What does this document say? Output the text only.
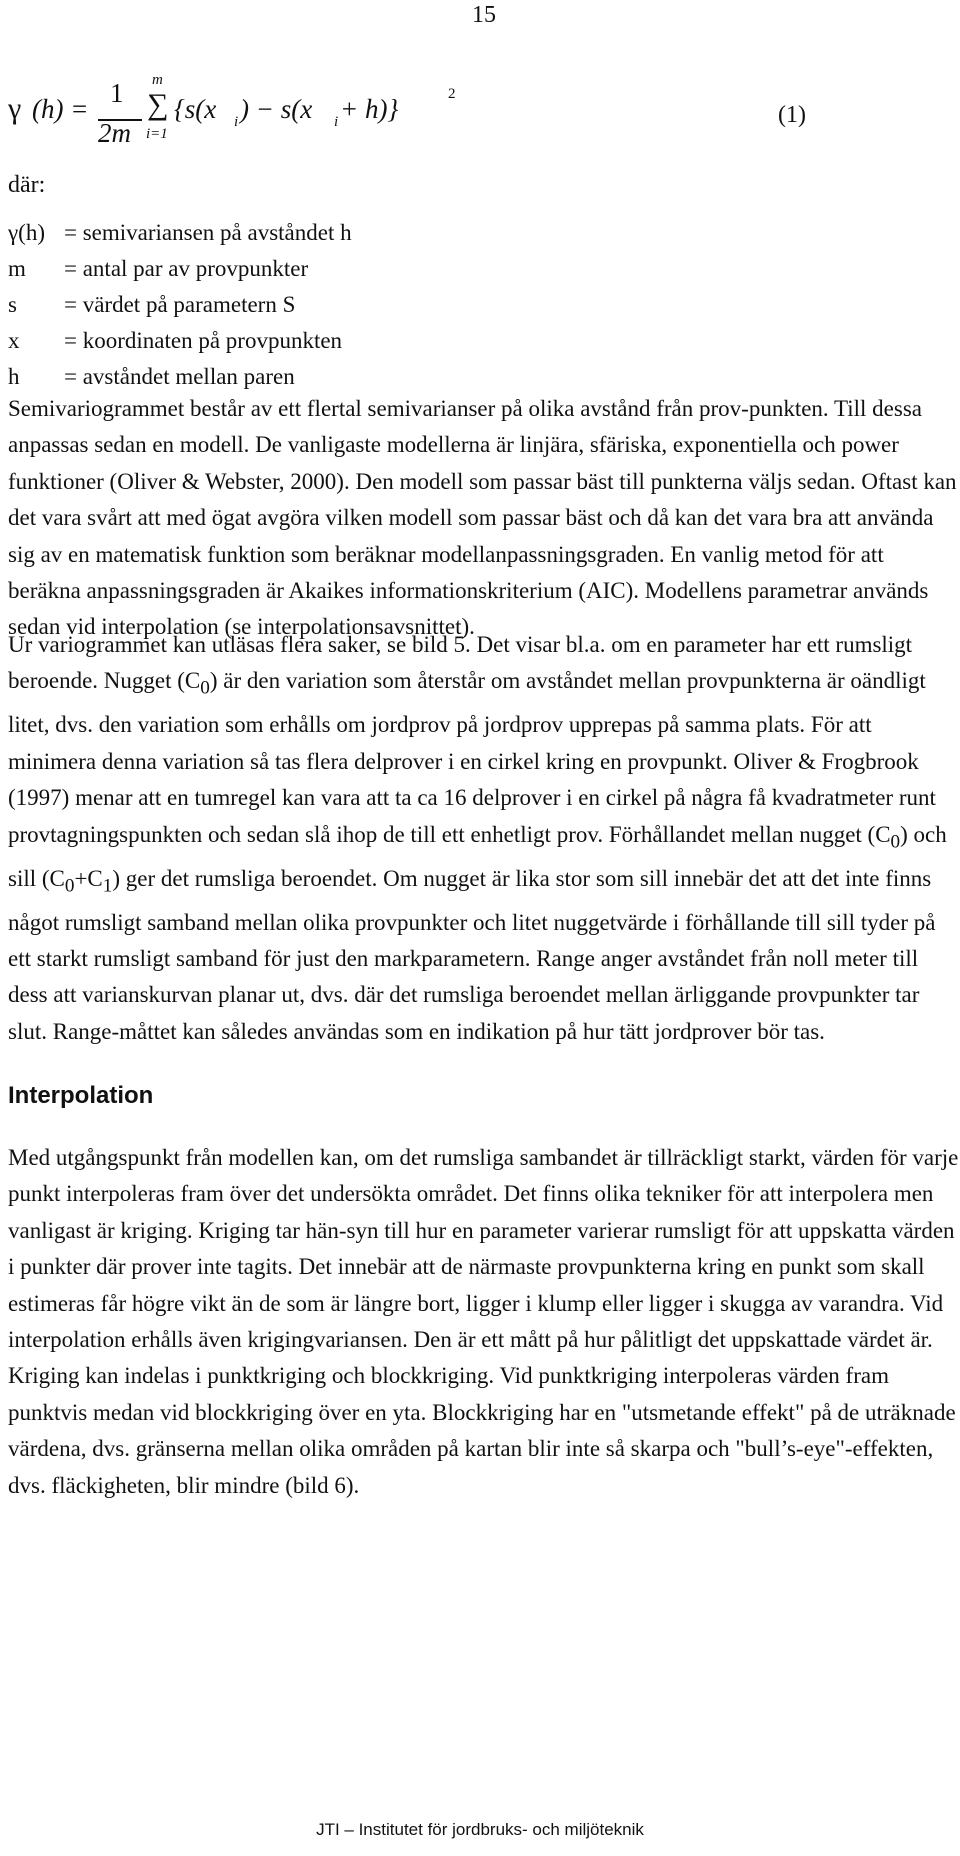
15
γ (h) =
1
2m
m
∑
i=1
{s(x i ) − s(x i + h)}	2
(1)
där:
γ(h) = semivariansen på avståndet h
m = antal par av provpunkter
s = värdet på parametern S
x = koordinaten på provpunkten
h = avståndet mellan paren

Semivariogrammet består av ett flertal semivarianser på olika avstånd från prov-punkten. Till dessa anpassas sedan en modell. De vanligaste modellerna är linjära, sfäriska, exponentiella och power funktioner (Oliver & Webster, 2000). Den modell som passar bäst till punkterna väljs sedan. Oftast kan det vara svårt att med ögat avgöra vilken modell som passar bäst och då kan det vara bra att använda sig av en matematisk funktion som beräknar modellanpassningsgraden. En vanlig metod för att beräkna anpassningsgraden är Akaikes informationskriterium (AIC). Modellens parametrar används sedan vid interpolation (se interpolationsavsnittet).

Ur variogrammet kan utläsas flera saker, se bild 5. Det visar bl.a. om en parameter har ett rumsligt beroende. Nugget $(C_0)$ är den variation som återstår om avståndet mellan provpunkterna är oändligt litet, dvs. den variation som erhålls om jordprov på jordprov upprepas på samma plats. För att minimera denna variation så tas flera delprover i en cirkel kring en provpunkt. Oliver & Frogbrook (1997) menar att en tumregel kan vara att ta ca 16 delprover i en cirkel på några få kvadratmeter runt provtagningspunkten och sedan slå ihop de till ett enhetligt prov. Förhållandet mellan nugget $(C_0)$ och sill $(C_0+C_1)$ ger det rumsliga beroendet. Om nugget är lika stor som sill innebär det att det inte finns något rumsligt samband mellan olika provpunkter och litet nuggetvärde i förhållande till sill tyder på ett starkt rumsligt samband för just den markparametern. Range anger avståndet från noll meter till dess att varianskurvan planar ut, dvs. där det rumsliga beroendet mellan ärliggande provpunkter tar slut. Range-måttet kan således användas som en indikation på hur tätt jordprover bör tas.

Interpolation

Med utgångspunkt från modellen kan, om det rumsliga sambandet är tillräckligt starkt, värden för varje punkt interpoleras fram över det undersökta området. Det finns olika tekniker för att interpolera men vanligast är kriging. Kriging tar hän-syn till hur en parameter varierar rumsligt för att uppskatta värden i punkter där prover inte tagits. Det innebär att de närmaste provpunkterna kring en punkt som skall estimeras får högre vikt än de som är längre bort, ligger i klump eller ligger i skugga av varandra. Vid interpolation erhålls även krigingvariansen. Den är ett mått på hur pålitligt det uppskattade värdet är. Kriging kan indelas i punktkriging och blockkriging. Vid punktkriging interpoleras värden fram punktvis medan vid blockkriging över en yta. Blockkriging har en "utsmetande effekt" på de uträknade värdena, dvs. gränserna mellan olika områden på kartan blir inte så skarpa och "bull’s-eye"-effekten, dvs. fläckigheten, blir mindre (bild 6).

JTI – Institutet för jordbruks- och miljöteknik
